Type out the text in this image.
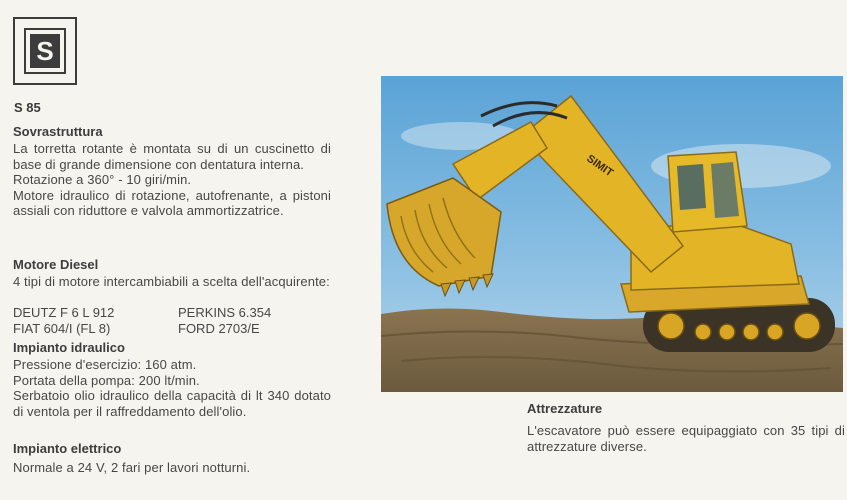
S
S 85
Sovrastruttura

La torretta rotante è montata su di un cuscinetto di base di grande dimensione con dentatura interna.

Rotazione a 360° - 10 giri/min.

Motore idraulico di rotazione, autofrenante, a pistoni assiali con riduttore e valvola ammortizzatrice.

Motore Diesel
4 tipi di motore intercambiabili a scelta dell'acquirente:
DEUTZ F 6 L 912	PERKINS 6.354
FIAT 604/I (FL 8)	FORD 2703/E
Impianto idraulico

Pressione d'esercizio: 160 atm.

Portata della pompa: 200 lt/min.

Serbatoio olio idraulico della capacità di lt 340 dotato di ventola per il raffreddamento dell'olio.

Impianto elettrico
Normale a 24 V, 2 fari per lavori notturni.
SIMIT
Attrezzature
L'escavatore può essere equipaggiato con 35 tipi di attrezzature diverse.
